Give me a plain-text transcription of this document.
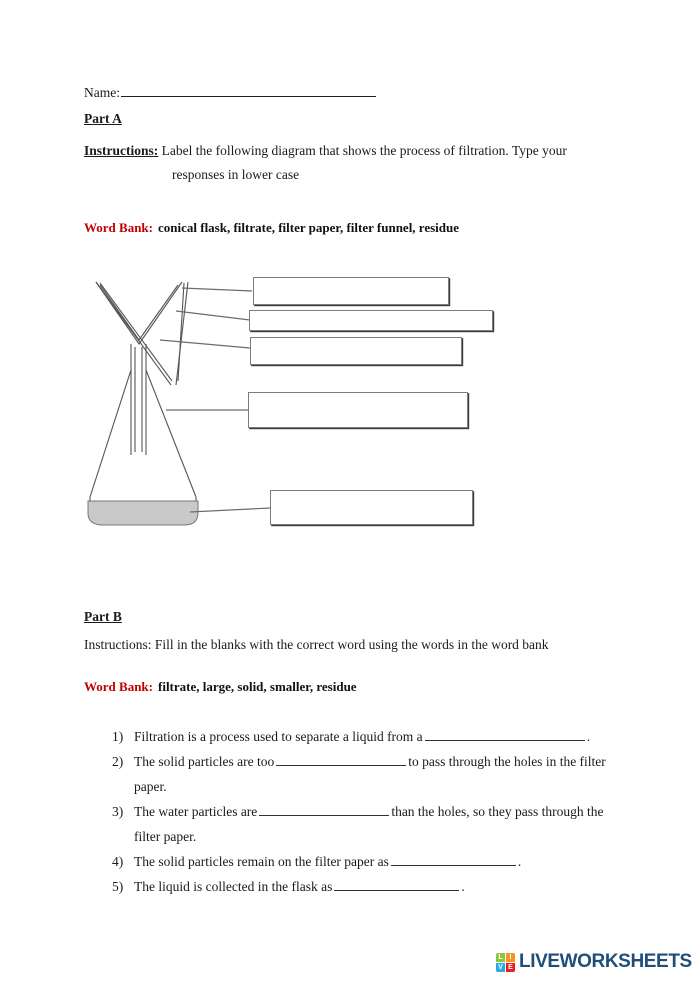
Name:
Part A
Instructions: Label the following diagram that shows the process of filtration. Type your
responses in lower case
Word Bank: conical flask, filtrate, filter paper, filter funnel, residue
Part B
Instructions: Fill in the blanks with the correct word using the words in the word bank
Word Bank: filtrate, large, solid, smaller, residue
1) Filtration is a process used to separate a liquid from a	.
2) The solid particles are too	to pass through the holes in the filter paper.
3) The water particles are	than the holes, so they pass through the filter paper.
4) The solid particles remain on the filter paper as	.
5) The liquid is collected in the flask as	.
L I
V E LIVEWORKSHEETS
